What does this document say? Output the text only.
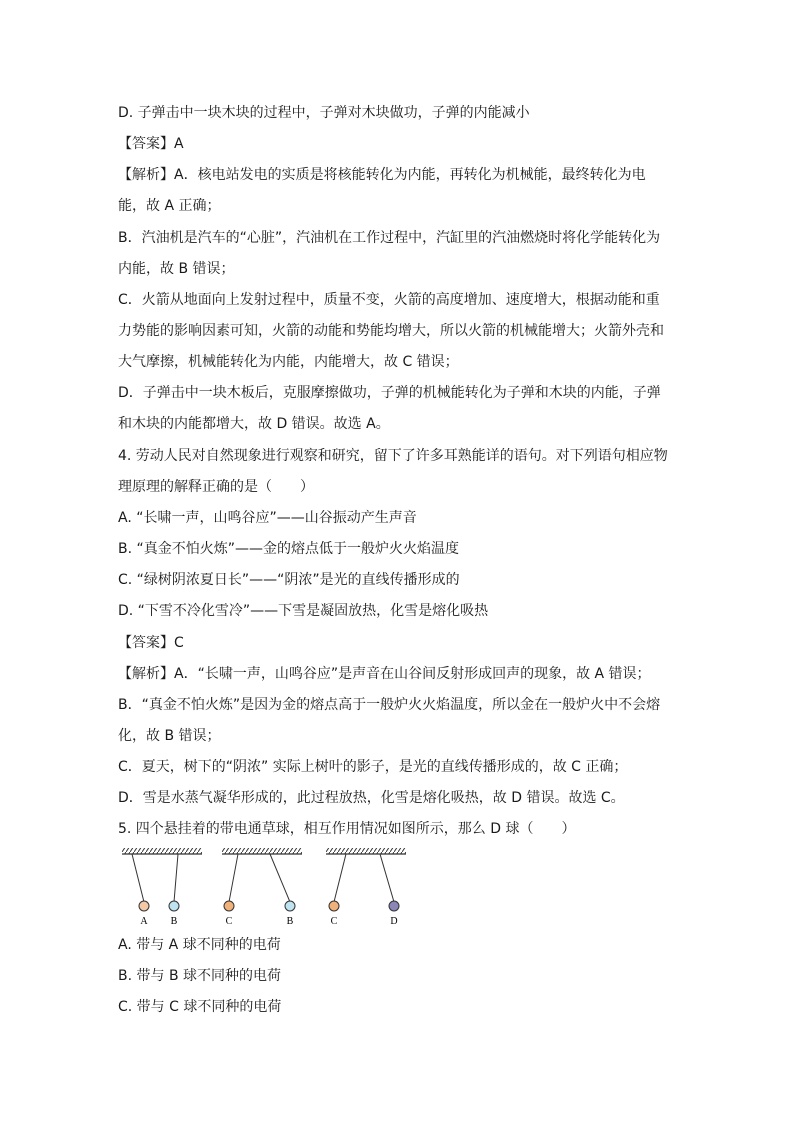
D. 子弹击中一块木块的过程中，子弹对木块做功，子弹的内能减小
【答案】A
【解析】A．核电站发电的实质是将核能转化为内能，再转化为机械能，最终转化为电
能，故 A 正确；
B．汽油机是汽车的“心脏”，汽油机在工作过程中，汽缸里的汽油燃烧时将化学能转化为
内能，故 B 错误；
C．火箭从地面向上发射过程中，质量不变，火箭的高度增加、速度增大，根据动能和重
力势能的影响因素可知，火箭的动能和势能均增大，所以火箭的机械能增大；火箭外壳和
大气摩擦，机械能转化为内能，内能增大，故 C 错误；
D．子弹击中一块木板后，克服摩擦做功，子弹的机械能转化为子弹和木块的内能，子弹
和木块的内能都增大，故 D 错误。故选 A。
4. 劳动人民对自然现象进行观察和研究，留下了许多耳熟能详的语句。对下列语句相应物
理原理的解释正确的是（　　）
A. “长啸一声，山鸣谷应”——山谷振动产生声音
B. “真金不怕火炼”——金的熔点低于一般炉火火焰温度
C. “绿树阴浓夏日长”——“阴浓”是光的直线传播形成的
D. “下雪不冷化雪冷”——下雪是凝固放热，化雪是熔化吸热
【答案】C
【解析】A．“长啸一声，山鸣谷应”是声音在山谷间反射形成回声的现象，故 A 错误；
B．“真金不怕火炼”是因为金的熔点高于一般炉火火焰温度，所以金在一般炉火中不会熔
化，故 B 错误；
C．夏天，树下的“阴浓” 实际上树叶的影子，是光的直线传播形成的，故 C 正确；
D．雪是水蒸气凝华形成的，此过程放热，化雪是熔化吸热，故 D 错误。故选 C。
5. 四个悬挂着的带电通草球，相互作用情况如图所示，那么 D 球（　　）
A B	C	B	C	D
A. 带与 A 球不同种的电荷
B. 带与 B 球不同种的电荷
C. 带与 C 球不同种的电荷
